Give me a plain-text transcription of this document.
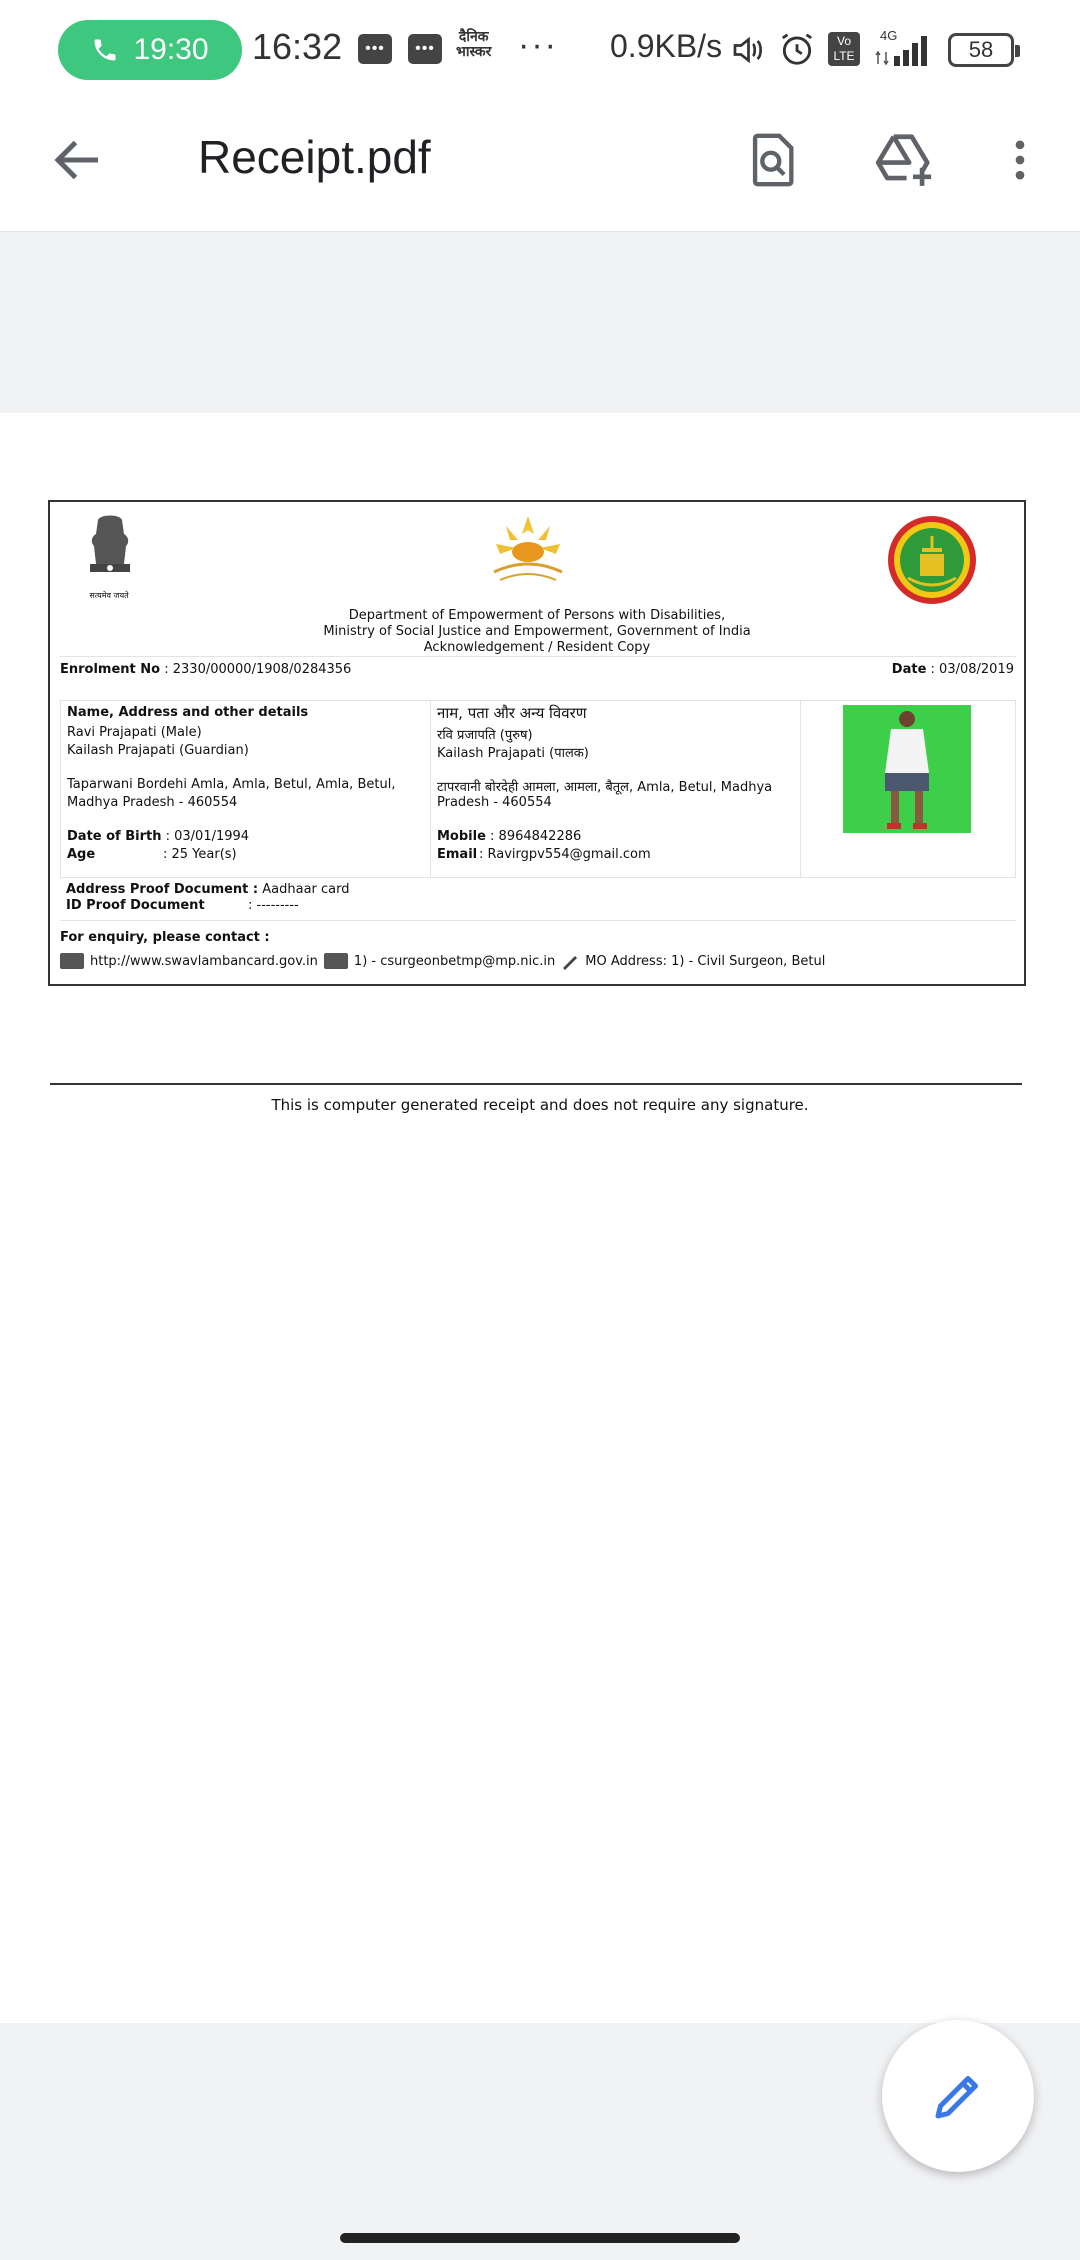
19:30 16:32	•••	•••
दैनिक
भास्कर ··· 0.9KB/s	Vo LTE
4G
58
Receipt.pdf
सत्यमेव जयते
Department of Empowerment of Persons with Disabilities,
Ministry of Social Justice and Empowerment, Government of India
Acknowledgement / Resident Copy
Enrolment No : 2330/00000/1908/0284356	Date : 03/08/2019
Name, Address and other details
Ravi Prajapati (Male)
Kailash Prajapati (Guardian)
Taparwani Bordehi Amla, Amla, Betul, Amla, Betul,
Madhya Pradesh - 460554
Date of Birth : 03/01/1994
Age	: 25 Year(s)
नाम, पता और अन्य विवरण
रवि प्रजापति (पुरुष)
Kailash Prajapati (पालक)
टापरवानी बोरदेही आमला, आमला, बैतूल, Amla, Betul, Madhya
Pradesh - 460554
Mobile : 8964842286
Email : Ravirgpv554@gmail.com
Address Proof Document : Aadhaar card
ID Proof Document	: ---------
For enquiry, please contact :
http://www.swavlambancard.gov.in	1) - csurgeonbetmp@mp.nic.in MO Address: 1) - Civil Surgeon, Betul
This is computer generated receipt and does not require any signature.
